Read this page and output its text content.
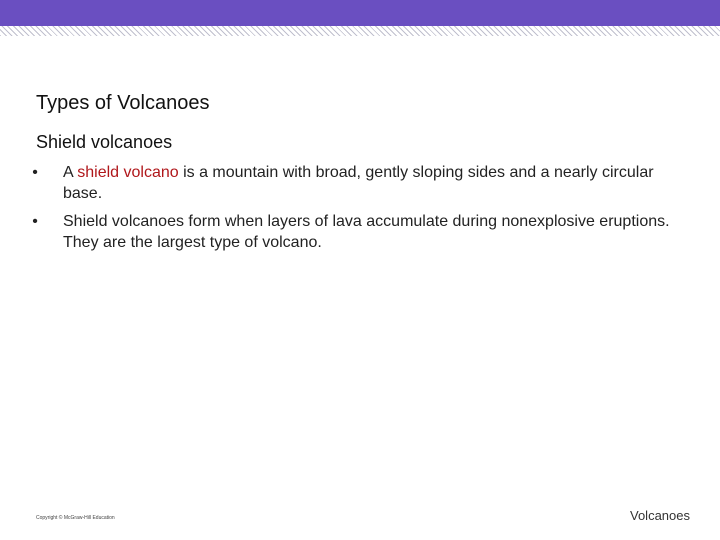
Types of Volcanoes
Shield volcanoes
• A shield volcano is a mountain with broad, gently sloping sides and a nearly circular base.
• Shield volcanoes form when layers of lava accumulate during nonexplosive eruptions. They are the largest type of volcano.
Copyright © McGraw-Hill Education	Volcanoes
